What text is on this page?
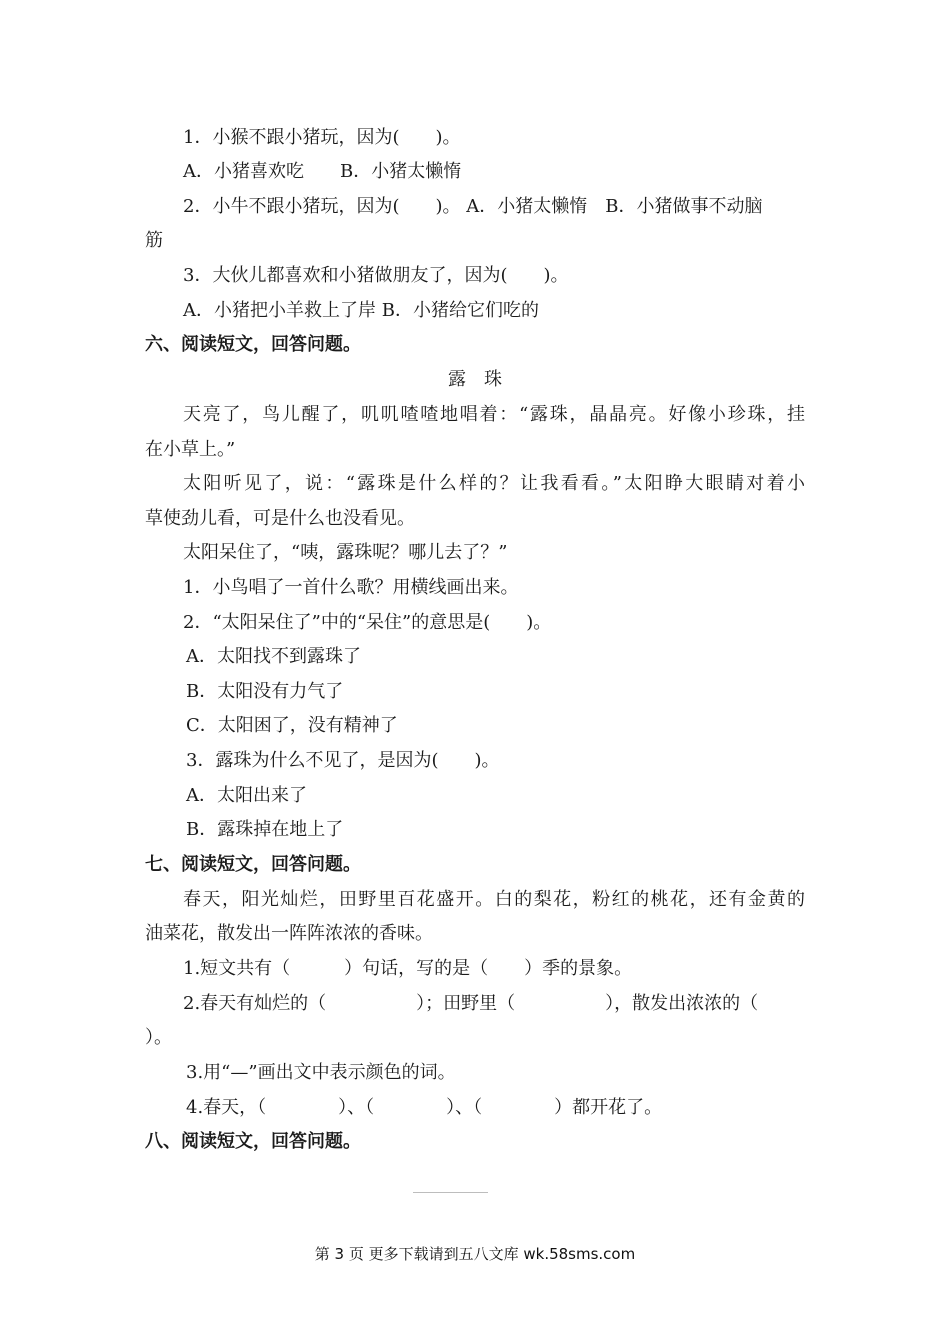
1．小猴不跟小猪玩，因为(　　)。
A．小猪喜欢吃　　B．小猪太懒惰
2．小牛不跟小猪玩，因为(　　)。 A．小猪太懒惰　B．小猪做事不动脑
筋
3．大伙儿都喜欢和小猪做朋友了，因为(　　)。
A．小猪把小羊救上了岸 B．小猪给它们吃的
六、阅读短文，回答问题。
露　珠
天亮了，鸟儿醒了，叽叽喳喳地唱着：“露珠，晶晶亮。好像小珍珠，挂
在小草上。”
太阳听见了，说：“露珠是什么样的？让我看看。”太阳睁大眼睛对着小
草使劲儿看，可是什么也没看见。
太阳呆住了，“咦，露珠呢？哪儿去了？”
1．小鸟唱了一首什么歌？用横线画出来。
2．“太阳呆住了”中的“呆住”的意思是(　　)。
A．太阳找不到露珠了
B．太阳没有力气了
C．太阳困了，没有精神了
3．露珠为什么不见了，是因为(　　)。
A．太阳出来了
B．露珠掉在地上了
七、阅读短文，回答问题。
春天，阳光灿烂，田野里百花盛开。白的梨花，粉红的桃花，还有金黄的
油菜花，散发出一阵阵浓浓的香味。
1.短文共有（　　　）句话，写的是（　　）季的景象。
2.春天有灿烂的（　　　　　）；田野里（　　　　　），散发出浓浓的（
）。
3.用“—”画出文中表示颜色的词。
4.春天，（　　　　）、（　　　　）、（　　　　）都开花了。
八、阅读短文，回答问题。
第 3 页 更多下载请到五八文库 wk.58sms.com
